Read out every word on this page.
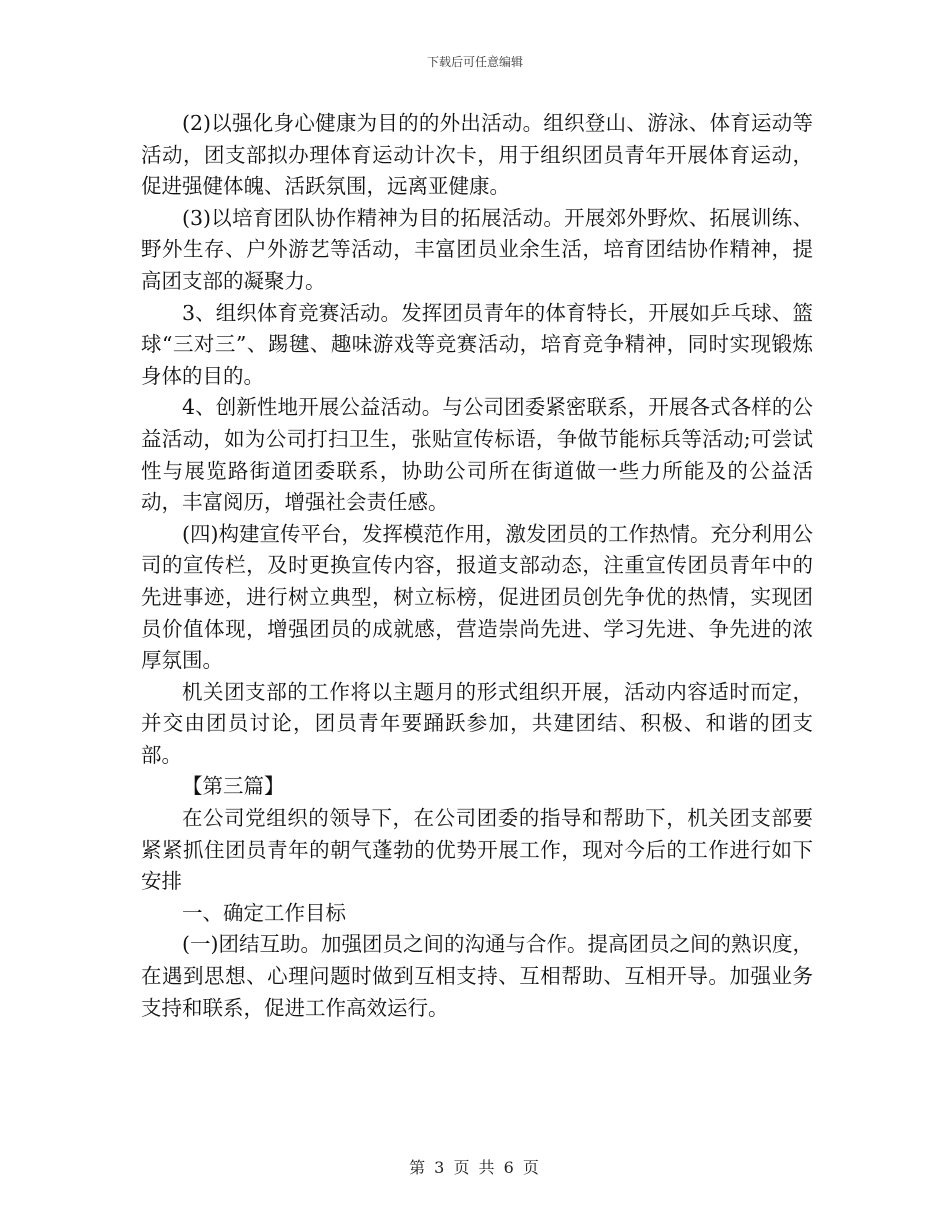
下载后可任意编辑

(2)以强化身心健康为目的的外出活动。组织登山、游泳、体育运动等活动，团支部拟办理体育运动计次卡，用于组织团员青年开展体育运动，促进强健体魄、活跃氛围，远离亚健康。

(3)以培育团队协作精神为目的拓展活动。开展郊外野炊、拓展训练、野外生存、户外游艺等活动，丰富团员业余生活，培育团结协作精神，提高团支部的凝聚力。

3、组织体育竞赛活动。发挥团员青年的体育特长，开展如乒乓球、篮球“三对三”、踢毽、趣味游戏等竞赛活动，培育竞争精神，同时实现锻炼身体的目的。

4、创新性地开展公益活动。与公司团委紧密联系，开展各式各样的公益活动，如为公司打扫卫生，张贴宣传标语，争做节能标兵等活动;可尝试性与展览路街道团委联系，协助公司所在街道做一些力所能及的公益活动，丰富阅历，增强社会责任感。

(四)构建宣传平台，发挥模范作用，激发团员的工作热情。充分利用公司的宣传栏，及时更换宣传内容，报道支部动态，注重宣传团员青年中的先进事迹，进行树立典型，树立标榜，促进团员创先争优的热情，实现团员价值体现，增强团员的成就感，营造崇尚先进、学习先进、争先进的浓厚氛围。

机关团支部的工作将以主题月的形式组织开展，活动内容适时而定，并交由团员讨论，团员青年要踊跃参加，共建团结、积极、和谐的团支部。

【第三篇】

在公司党组织的领导下，在公司团委的指导和帮助下，机关团支部要紧紧抓住团员青年的朝气蓬勃的优势开展工作，现对今后的工作进行如下安排

一、确定工作目标

(一)团结互助。加强团员之间的沟通与合作。提高团员之间的熟识度，在遇到思想、心理问题时做到互相支持、互相帮助、互相开导。加强业务支持和联系，促进工作高效运行。

第 3 页 共 6 页
